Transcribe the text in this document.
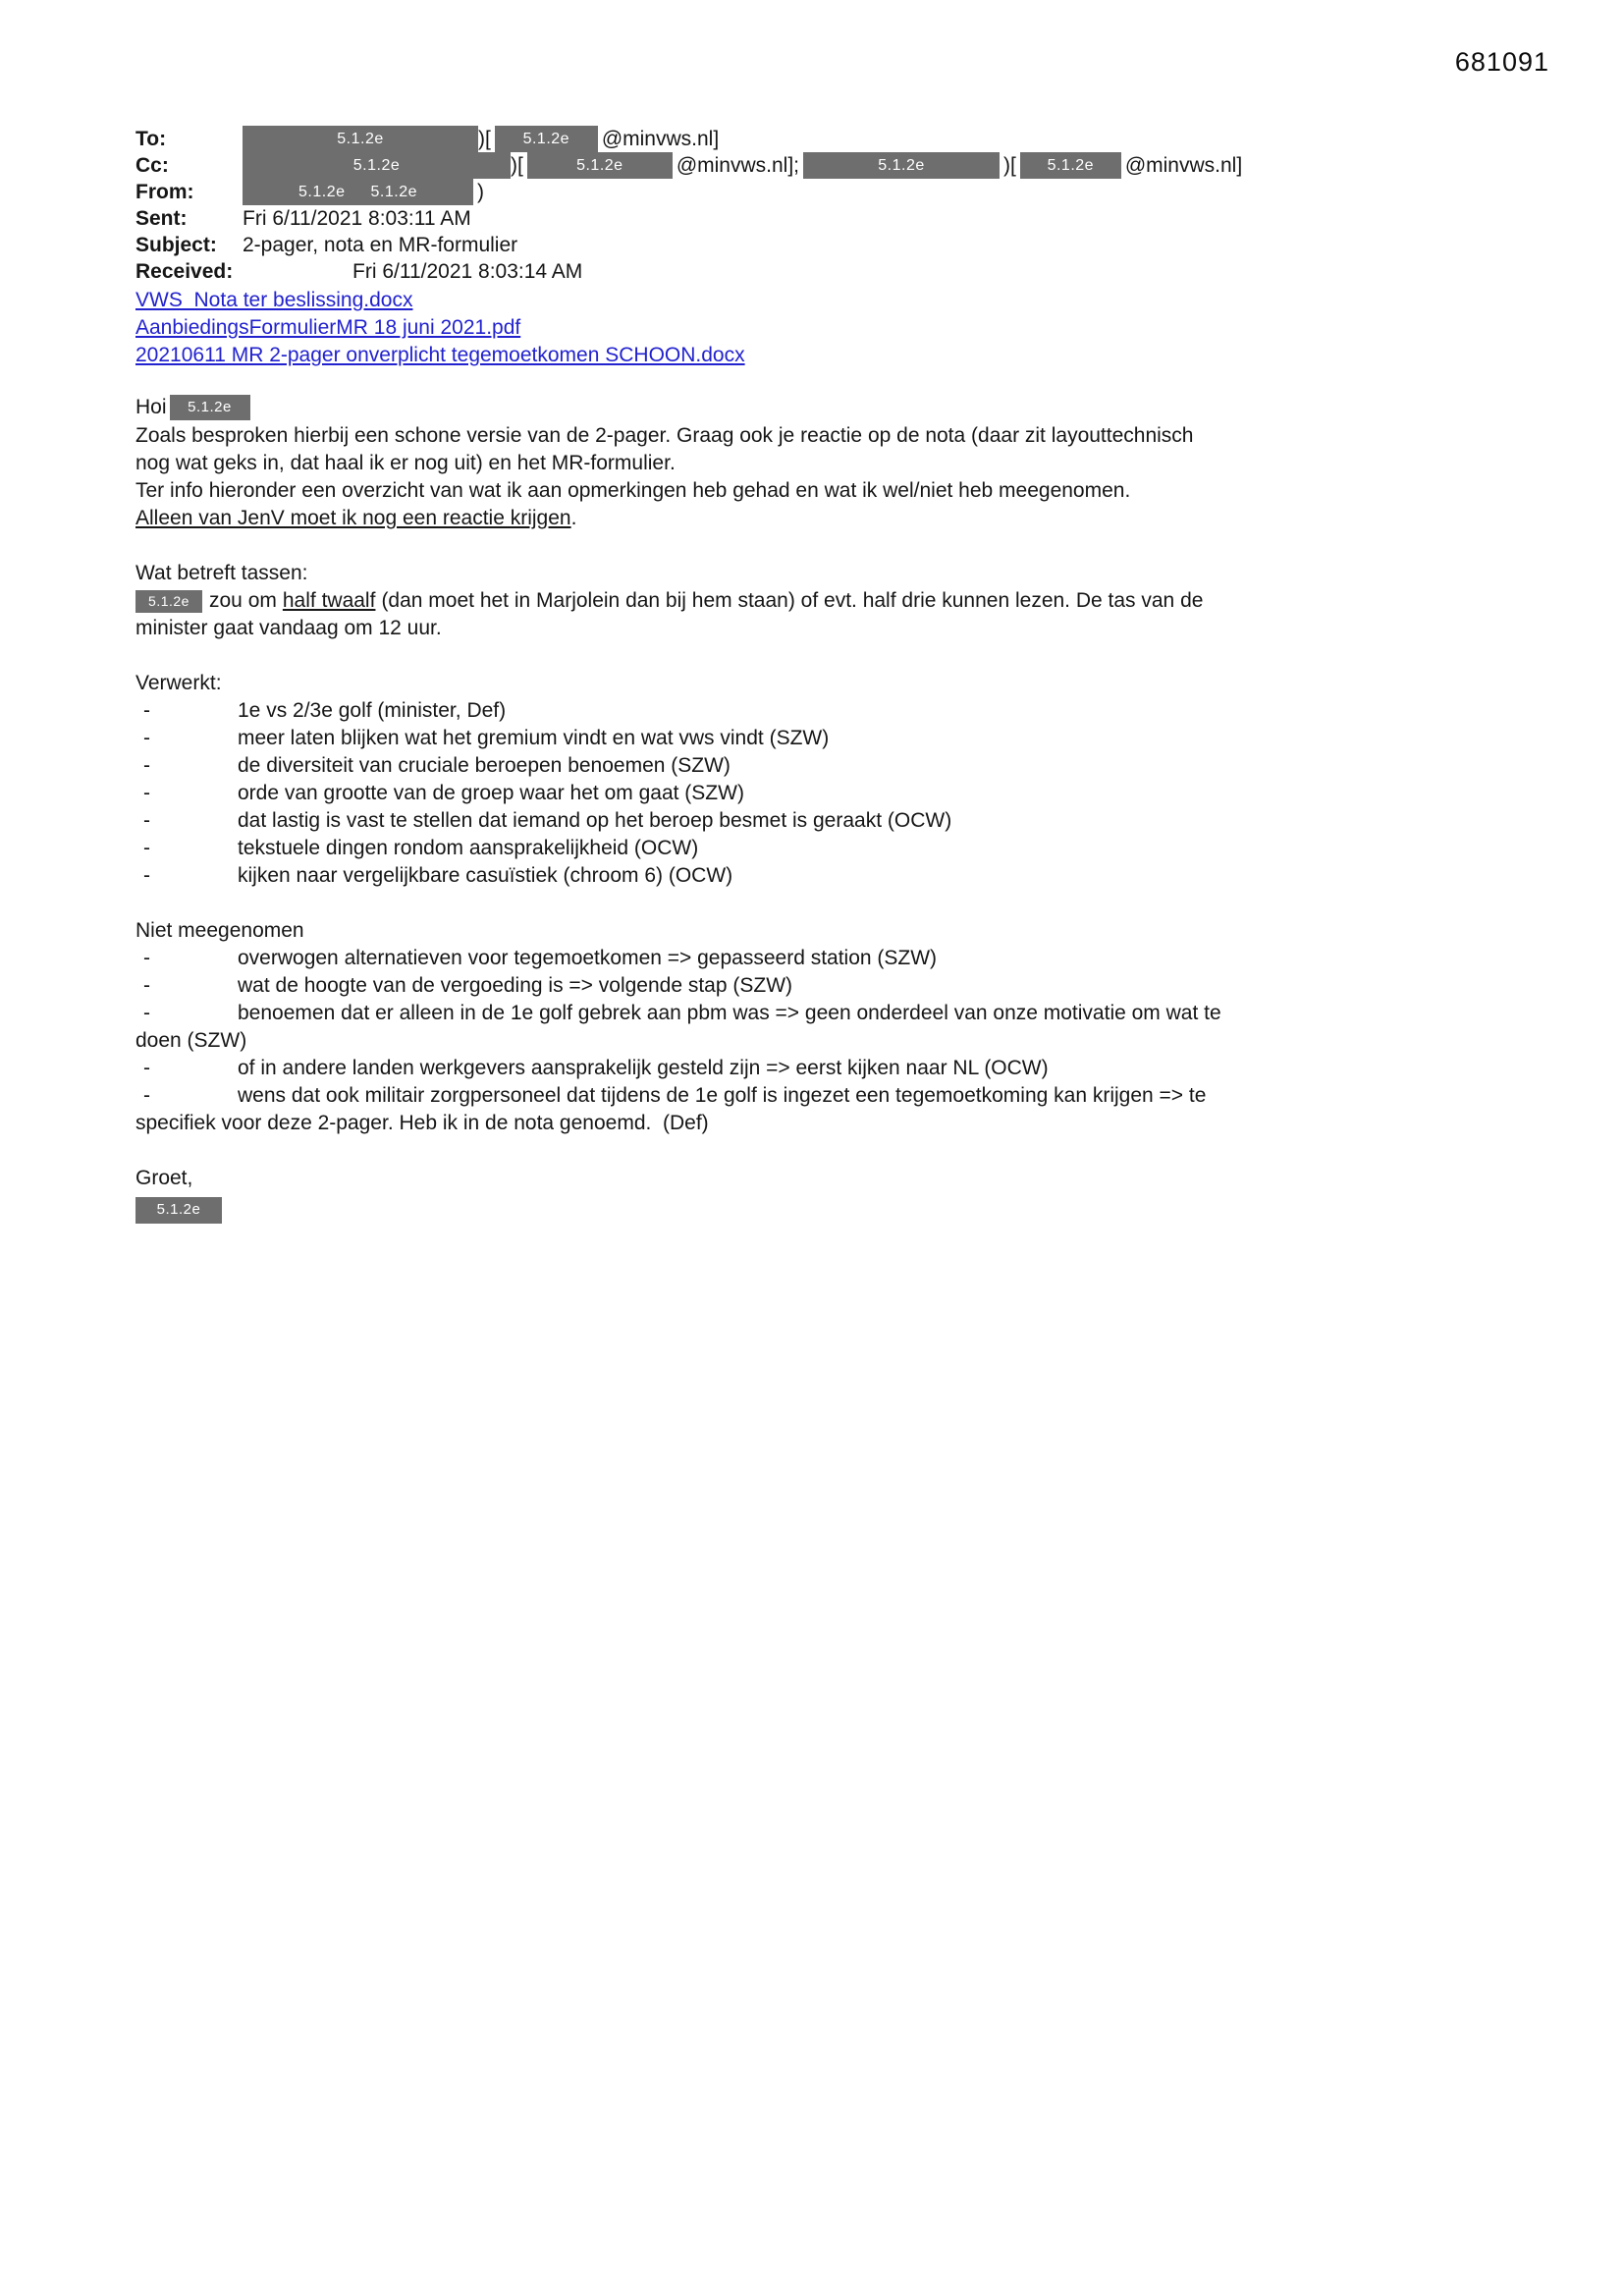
681091
To:	5.1.2e	)[	5.1.2e	@minvws.nl]
Cc:	5.1.2e	)[	5.1.2e	@minvws.nl];	5.1.2e	)[	5.1.2e	@minvws.nl]
From:	5.1.2e 5.1.2e	)
Sent:	Fri 6/11/2021 8:03:11 AM
Subject:	2-pager, nota en MR-formulier
Received:	Fri 6/11/2021 8:03:14 AM
VWS_Nota ter beslissing.docx
AanbiedingsFormulierMR 18 juni 2021.pdf
20210611 MR 2-pager onverplicht tegemoetkomen SCHOON.docx
Hoi	5.1.2e
Zoals besproken hierbij een schone versie van de 2-pager. Graag ook je reactie op de nota (daar zit layouttechnisch
nog wat geks in, dat haal ik er nog uit) en het MR-formulier.
Ter info hieronder een overzicht van wat ik aan opmerkingen heb gehad en wat ik wel/niet heb meegenomen.
Alleen van JenV moet ik nog een reactie krijgen.
Wat betreft tassen:
5.1.2e zou om half twaalf (dan moet het in Marjolein dan bij hem staan) of evt. half drie kunnen lezen. De tas van de
minister gaat vandaag om 12 uur.
Verwerkt:
-	1e vs 2/3e golf (minister, Def)
-	meer laten blijken wat het gremium vindt en wat vws vindt (SZW)
-	de diversiteit van cruciale beroepen benoemen (SZW)
-	orde van grootte van de groep waar het om gaat (SZW)
-	dat lastig is vast te stellen dat iemand op het beroep besmet is geraakt (OCW)
-	tekstuele dingen rondom aansprakelijkheid (OCW)
-	kijken naar vergelijkbare casuïstiek (chroom 6) (OCW)
Niet meegenomen
-	overwogen alternatieven voor tegemoetkomen => gepasseerd station (SZW)
-	wat de hoogte van de vergoeding is => volgende stap (SZW)
-	benoemen dat er alleen in de 1e golf gebrek aan pbm was => geen onderdeel van onze motivatie om wat te
doen (SZW)
-	of in andere landen werkgevers aansprakelijk gesteld zijn => eerst kijken naar NL (OCW)
-	wens dat ook militair zorgpersoneel dat tijdens de 1e golf is ingezet een tegemoetkoming kan krijgen => te
specifiek voor deze 2-pager. Heb ik in de nota genoemd.  (Def)
Groet,
5.1.2e
